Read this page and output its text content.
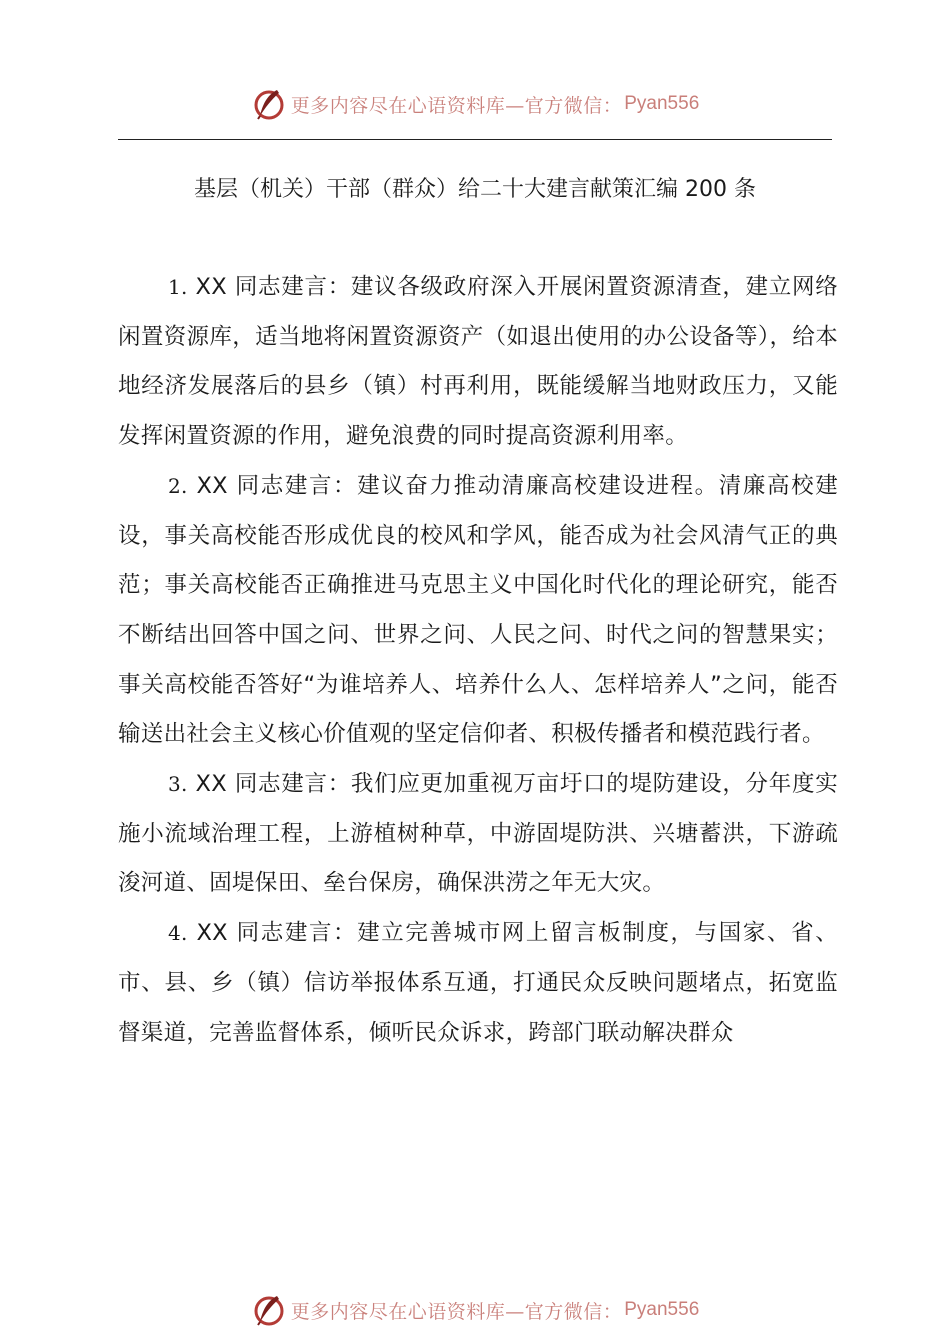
更多内容尽在心语资料库—官方微信： Pyan556
基层（机关）干部（群众）给二十大建言献策汇编 200 条

1. XX 同志建言：建议各级政府深入开展闲置资源清查，建立网络闲置资源库，适当地将闲置资源资产（如退出使用的办公设备等），给本地经济发展落后的县乡（镇）村再利用，既能缓解当地财政压力，又能发挥闲置资源的作用，避免浪费的同时提高资源利用率。

2. XX 同志建言：建议奋力推动清廉高校建设进程。清廉高校建设，事关高校能否形成优良的校风和学风，能否成为社会风清气正的典范；事关高校能否正确推进马克思主义中国化时代化的理论研究，能否不断结出回答中国之问、世界之问、人民之问、时代之问的智慧果实；事关高校能否答好“为谁培养人、培养什么人、怎样培养人”之问，能否输送出社会主义核心价值观的坚定信仰者、积极传播者和模范践行者。

3. XX 同志建言：我们应更加重视万亩圩口的堤防建设，分年度实施小流域治理工程，上游植树种草，中游固堤防洪、兴塘蓄洪，下游疏浚河道、固堤保田、垒台保房，确保洪涝之年无大灾。

4. XX 同志建言：建立完善城市网上留言板制度，与国家、省、市、县、乡（镇）信访举报体系互通，打通民众反映问题堵点，拓宽监督渠道，完善监督体系，倾听民众诉求，跨部门联动解决群众

更多内容尽在心语资料库—官方微信： Pyan556
